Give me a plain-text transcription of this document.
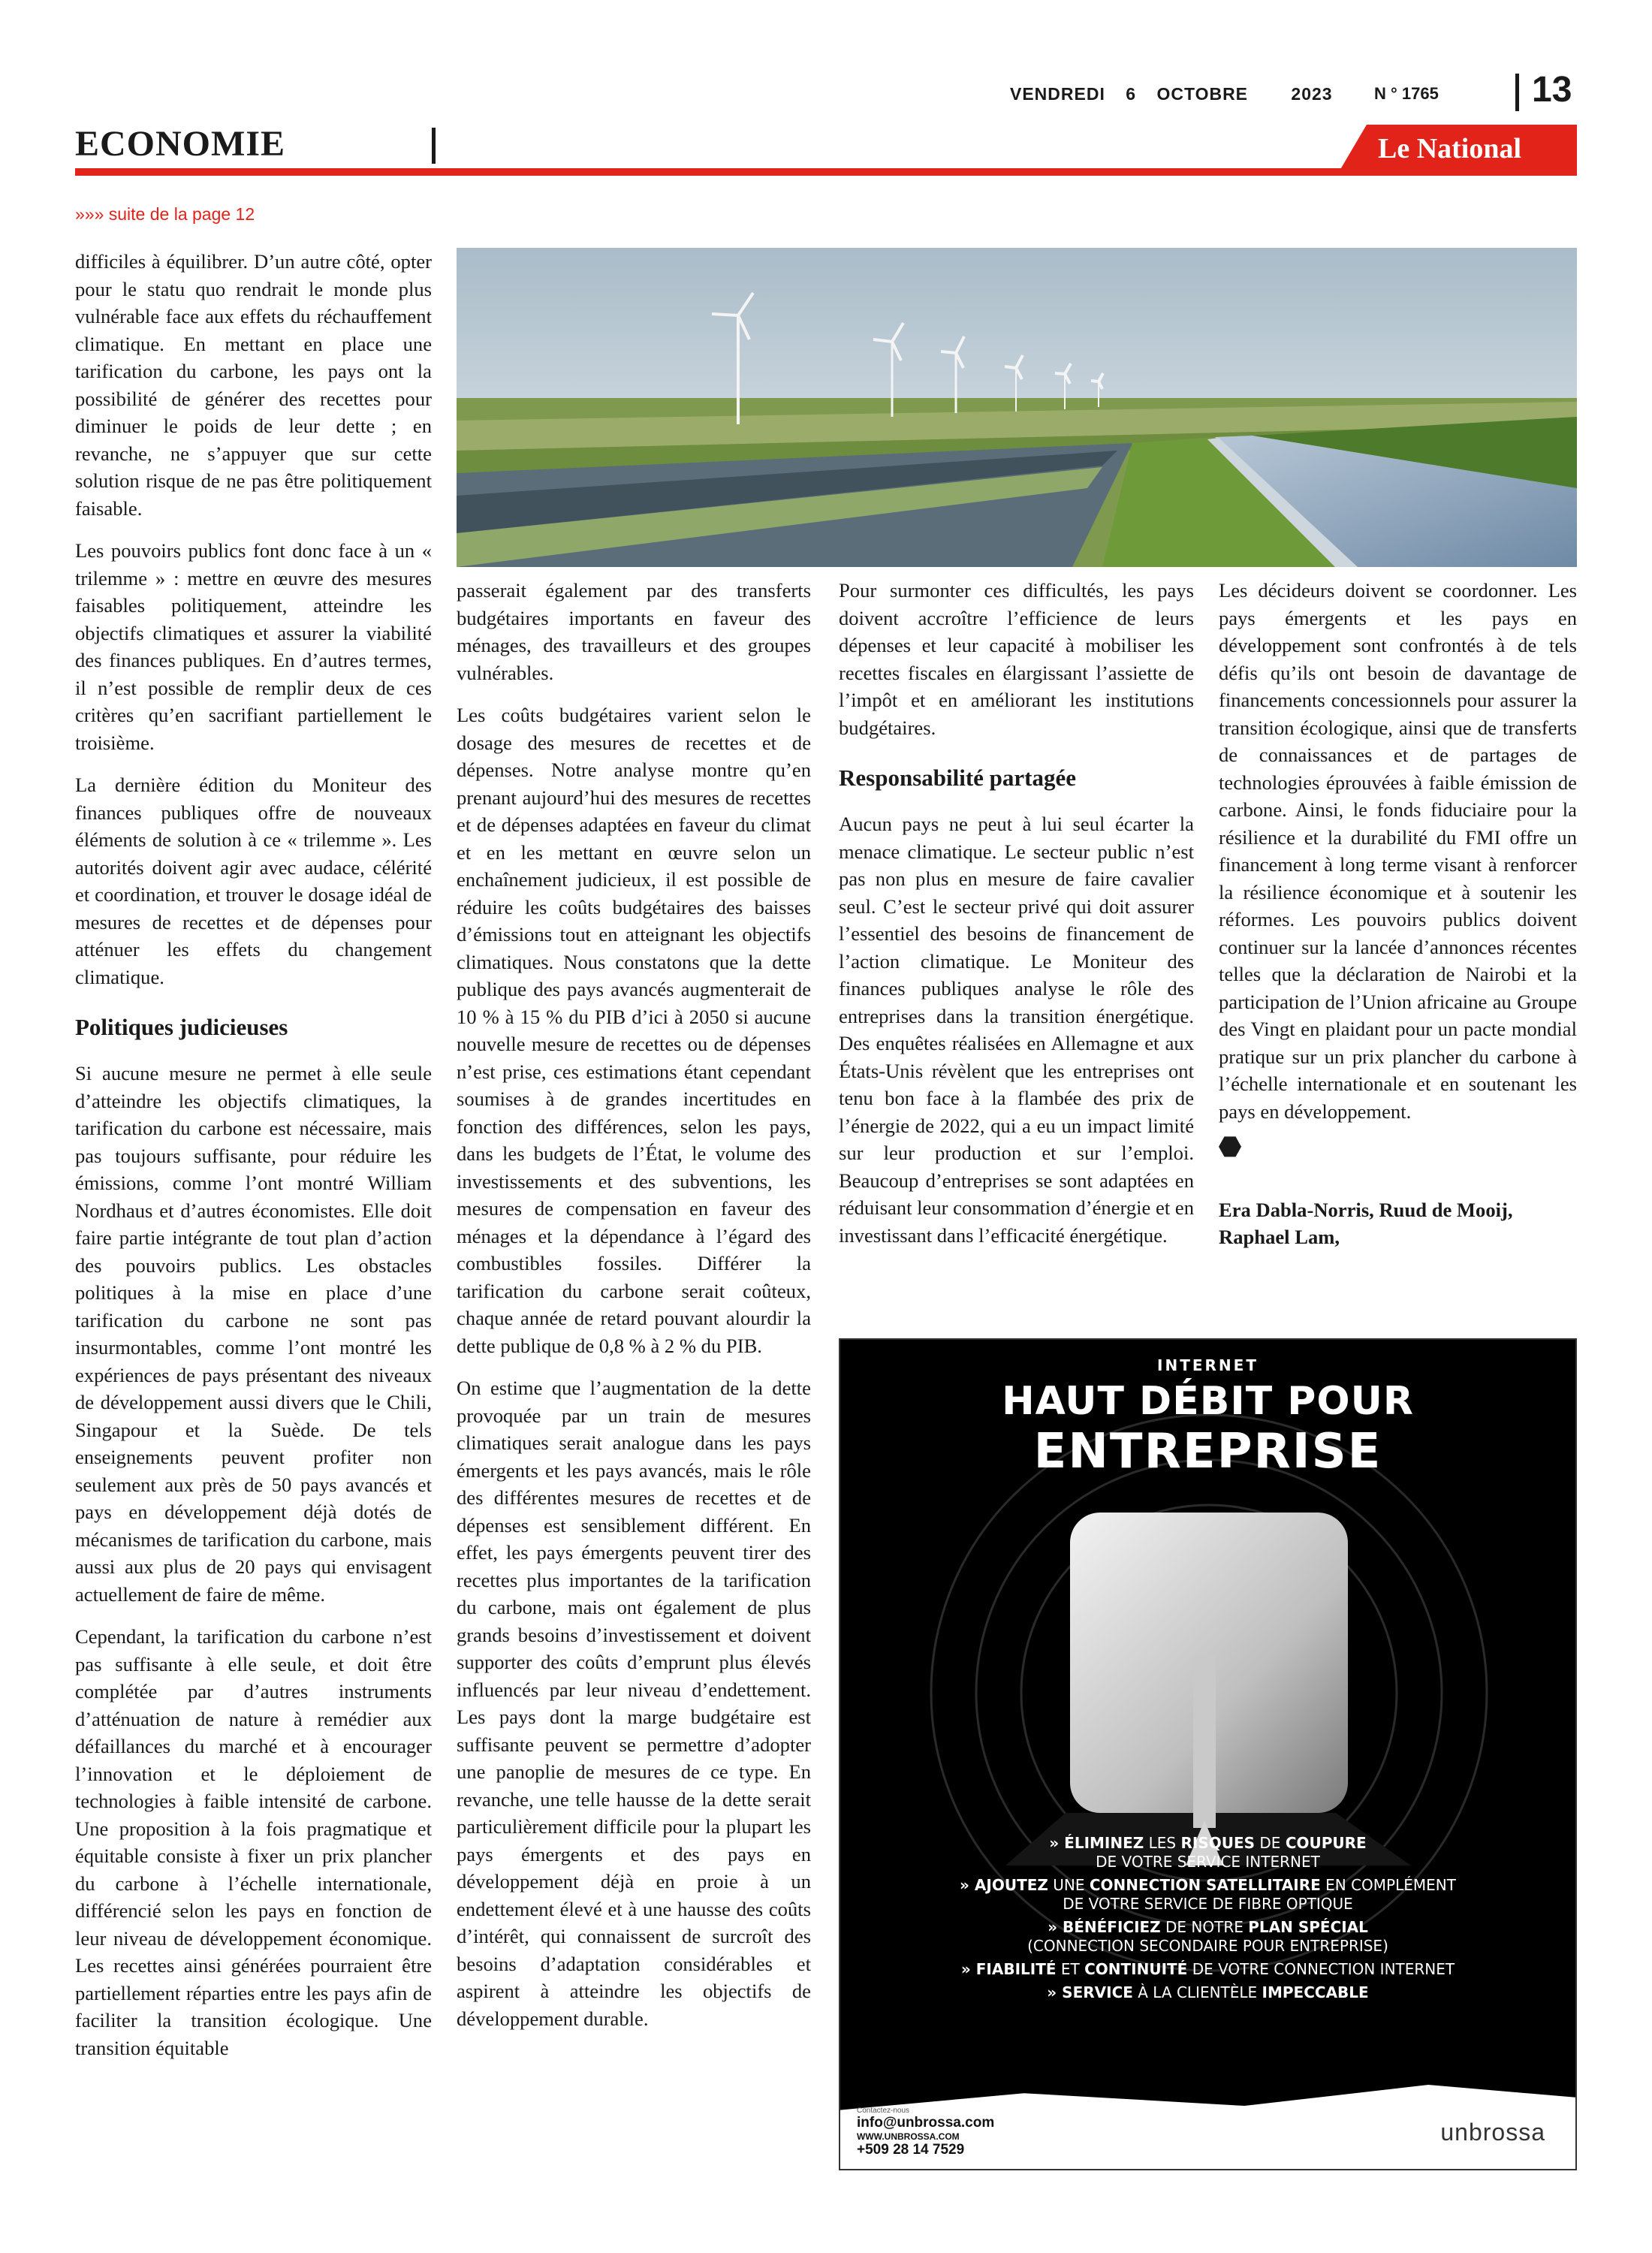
VENDREDI 6 OCTOBRE 2023	N ° 1765	13
ECONOMIE	Le National
»»» suite de la page 12

difficiles à équilibrer. D’un autre côté, opter pour le statu quo rendrait le monde plus vulnérable face aux effets du réchauffement climatique. En mettant en place une tarification du carbone, les pays ont la possibilité de générer des recettes pour diminuer le poids de leur dette ; en revanche, ne s’appuyer que sur cette solution risque de ne pas être politiquement faisable.

Les pouvoirs publics font donc face à un « trilemme » : mettre en œuvre des mesures faisables politiquement, atteindre les objectifs climatiques et assurer la viabilité des finances publiques. En d’autres termes, il n’est possible de remplir deux de ces critères qu’en sacrifiant partiellement le troisième.

La dernière édition du Moniteur des finances publiques offre de nouveaux éléments de solution à ce « trilemme ». Les autorités doivent agir avec audace, célérité et coordination, et trouver le dosage idéal de mesures de recettes et de dépenses pour atténuer les effets du changement climatique.

Politiques judicieuses

Si aucune mesure ne permet à elle seule d’atteindre les objectifs climatiques, la tarification du carbone est nécessaire, mais pas toujours suffisante, pour réduire les émissions, comme l’ont montré William Nordhaus et d’autres économistes. Elle doit faire partie intégrante de tout plan d’action des pouvoirs publics. Les obstacles politiques à la mise en place d’une tarification du carbone ne sont pas insurmontables, comme l’ont montré les expériences de pays présentant des niveaux de développement aussi divers que le Chili, Singapour et la Suède. De tels enseignements peuvent profiter non seulement aux près de 50 pays avancés et pays en développement déjà dotés de mécanismes de tarification du carbone, mais aussi aux plus de 20 pays qui envisagent actuellement de faire de même.

Cependant, la tarification du carbone n’est pas suffisante à elle seule, et doit être complétée par d’autres instruments d’atténuation de nature à remédier aux défaillances du marché et à encourager l’innovation et le déploiement de technologies à faible intensité de carbone. Une proposition à la fois pragmatique et équitable consiste à fixer un prix plancher du carbone à l’échelle internationale, différencié selon les pays en fonction de leur niveau de développement économique. Les recettes ainsi générées pourraient être partiellement réparties entre les pays afin de faciliter la transition écologique. Une transition équitable

passerait également par des transferts budgétaires importants en faveur des ménages, des travailleurs et des groupes vulnérables.

Les coûts budgétaires varient selon le dosage des mesures de recettes et de dépenses. Notre analyse montre qu’en prenant aujourd’hui des mesures de recettes et de dépenses adaptées en faveur du climat et en les mettant en œuvre selon un enchaînement judicieux, il est possible de réduire les coûts budgétaires des baisses d’émissions tout en atteignant les objectifs climatiques. Nous constatons que la dette publique des pays avancés augmenterait de 10 % à 15 % du PIB d’ici à 2050 si aucune nouvelle mesure de recettes ou de dépenses n’est prise, ces estimations étant cependant soumises à de grandes incertitudes en fonction des différences, selon les pays, dans les budgets de l’État, le volume des investissements et des subventions, les mesures de compensation en faveur des ménages et la dépendance à l’égard des combustibles fossiles. Différer la tarification du carbone serait coûteux, chaque année de retard pouvant alourdir la dette publique de 0,8 % à 2 % du PIB.

On estime que l’augmentation de la dette provoquée par un train de mesures climatiques serait analogue dans les pays émergents et les pays avancés, mais le rôle des différentes mesures de recettes et de dépenses est sensiblement différent. En effet, les pays émergents peuvent tirer des recettes plus importantes de la tarification du carbone, mais ont également de plus grands besoins d’investissement et doivent supporter des coûts d’emprunt plus élevés influencés par leur niveau d’endettement. Les pays dont la marge budgétaire est suffisante peuvent se permettre d’adopter une panoplie de mesures de ce type. En revanche, une telle hausse de la dette serait particulièrement difficile pour la plupart les pays émergents et des pays en développement déjà en proie à un endettement élevé et à une hausse des coûts d’intérêt, qui connaissent de surcroît des besoins d’adaptation considérables et aspirent à atteindre les objectifs de développement durable.

Pour surmonter ces difficultés, les pays doivent accroître l’efficience de leurs dépenses et leur capacité à mobiliser les recettes fiscales en élargissant l’assiette de l’impôt et en améliorant les institutions budgétaires.

Responsabilité partagée

Aucun pays ne peut à lui seul écarter la menace climatique. Le secteur public n’est pas non plus en mesure de faire cavalier seul. C’est le secteur privé qui doit assurer l’essentiel des besoins de financement de l’action climatique. Le Moniteur des finances publiques analyse le rôle des entreprises dans la transition énergétique. Des enquêtes réalisées en Allemagne et aux États-Unis révèlent que les entreprises ont tenu bon face à la flambée des prix de l’énergie de 2022, qui a eu un impact limité sur leur production et sur l’emploi. Beaucoup d’entreprises se sont adaptées en réduisant leur consommation d’énergie et en investissant dans l’efficacité énergétique.

Les décideurs doivent se coordonner. Les pays émergents et les pays en développement sont confrontés à de tels défis qu’ils ont besoin de davantage de financements concessionnels pour assurer la transition écologique, ainsi que de transferts de connaissances et de partages de technologies éprouvées à faible émission de carbone. Ainsi, le fonds fiduciaire pour la résilience et la durabilité du FMI offre un financement à long terme visant à renforcer la résilience économique et à soutenir les réformes. Les pouvoirs publics doivent continuer sur la lancée d’annonces récentes telles que la déclaration de Nairobi et la participation de l’Union africaine au Groupe des Vingt en plaidant pour un pacte mondial pratique sur un prix plancher du carbone à l’échelle internationale et en soutenant les pays en développement.

Era Dabla-Norris, Ruud de Mooij, Raphael Lam,

INTERNET
HAUT DÉBIT POUR
ENTREPRISE
» ÉLIMINEZ LES RISQUES DE COUPURE
DE VOTRE SERVICE INTERNET
» AJOUTEZ UNE CONNECTION SATELLITAIRE EN COMPLÉMENT
DE VOTRE SERVICE DE FIBRE OPTIQUE
» BÉNÉFICIEZ DE NOTRE PLAN SPÉCIAL
(CONNECTION SECONDAIRE POUR ENTREPRISE)
» FIABILITÉ ET CONTINUITÉ DE VOTRE CONNECTION INTERNET
» SERVICE À LA CLIENTÈLE IMPECCABLE
Contactez-nous
info@unbrossa.com
WWW.UNBROSSA.COM
+509 28 14 7529
unbrossa
